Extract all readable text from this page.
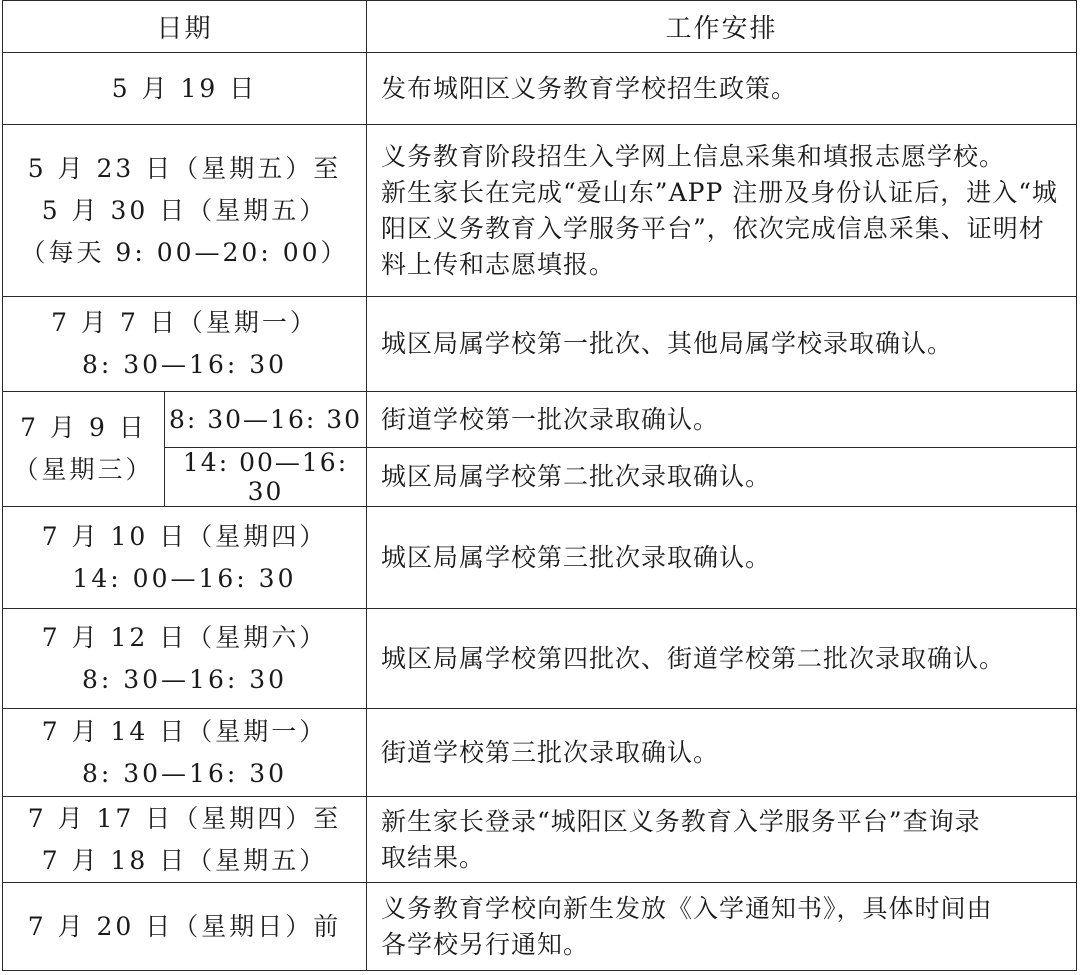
日期		工作安排

5 月 19 日		发布城阳区义务教育学校招生政策。

5 月 23 日（星期五）至
5 月 30 日（星期五）
（每天 9: 00—20: 00）		义务教育阶段招生入学网上信息采集和填报志愿学校。
新生家长在完成“爱山东”APP 注册及身份认证后，进入“城
阳区义务教育入学服务平台”，依次完成信息采集、证明材
料上传和志愿填报。

7 月 7 日（星期一）
8: 30—16: 30		城区局属学校第一批次、其他局属学校录取确认。

7 月 9 日
（星期三）	8: 30—16: 30	街道学校第一批次录取确认。

	14: 00—16: 30	城区局属学校第二批次录取确认。

7 月 10 日（星期四）
14: 00—16: 30		城区局属学校第三批次录取确认。

7 月 12 日（星期六）
8: 30—16: 30		城区局属学校第四批次、街道学校第二批次录取确认。

7 月 14 日（星期一）
8: 30—16: 30		街道学校第三批次录取确认。

7 月 17 日（星期四）至
7 月 18 日（星期五）		新生家长登录“城阳区义务教育入学服务平台”查询录
取结果。

7 月 20 日（星期日）前		义务教育学校向新生发放《入学通知书》，具体时间由
各学校另行通知。
